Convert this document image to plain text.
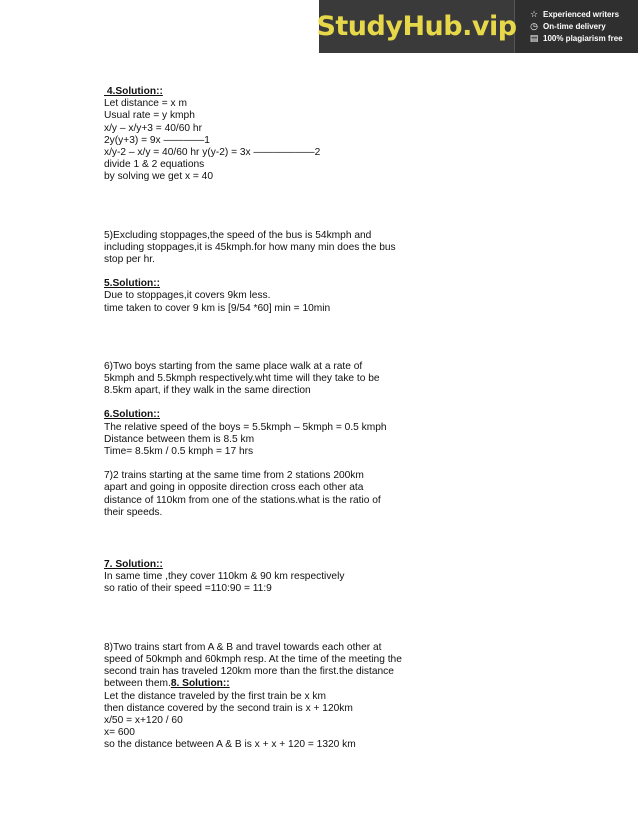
StudyHub.vip ☆ Experienced writers
◷ On-time delivery
▤ 100% plagiarism free
4.Solution::
Let distance = x m
Usual rate = y kmph
x/y – x/y+3 = 40/60 hr
2y(y+3) = 9x ————1
x/y-2 – x/y = 40/60 hr y(y-2) = 3x ——————2
divide 1 & 2 equations
by solving we get x = 40
5)Excluding stoppages,the speed of the bus is 54kmph and
including stoppages,it is 45kmph.for how many min does the bus
stop per hr.
5.Solution::
Due to stoppages,it covers 9km less.
time taken to cover 9 km is [9/54 *60] min = 10min
6)Two boys starting from the same place walk at a rate of
5kmph and 5.5kmph respectively.wht time will they take to be
8.5km apart, if they walk in the same direction
6.Solution::
The relative speed of the boys = 5.5kmph – 5kmph = 0.5 kmph
Distance between them is 8.5 km
Time= 8.5km / 0.5 kmph = 17 hrs
7)2 trains starting at the same time from 2 stations 200km
apart and going in opposite direction cross each other ata
distance of 110km from one of the stations.what is the ratio of
their speeds.
7. Solution::
In same time ,they cover 110km & 90 km respectively
so ratio of their speed =110:90 = 11:9
8)Two trains start from A & B and travel towards each other at
speed of 50kmph and 60kmph resp. At the time of the meeting the
second train has traveled 120km more than the first.the distance
between them.8. Solution::
Let the distance traveled by the first train be x km
then distance covered by the second train is x + 120km
x/50 = x+120 / 60
x= 600
so the distance between A & B is x + x + 120 = 1320 km
